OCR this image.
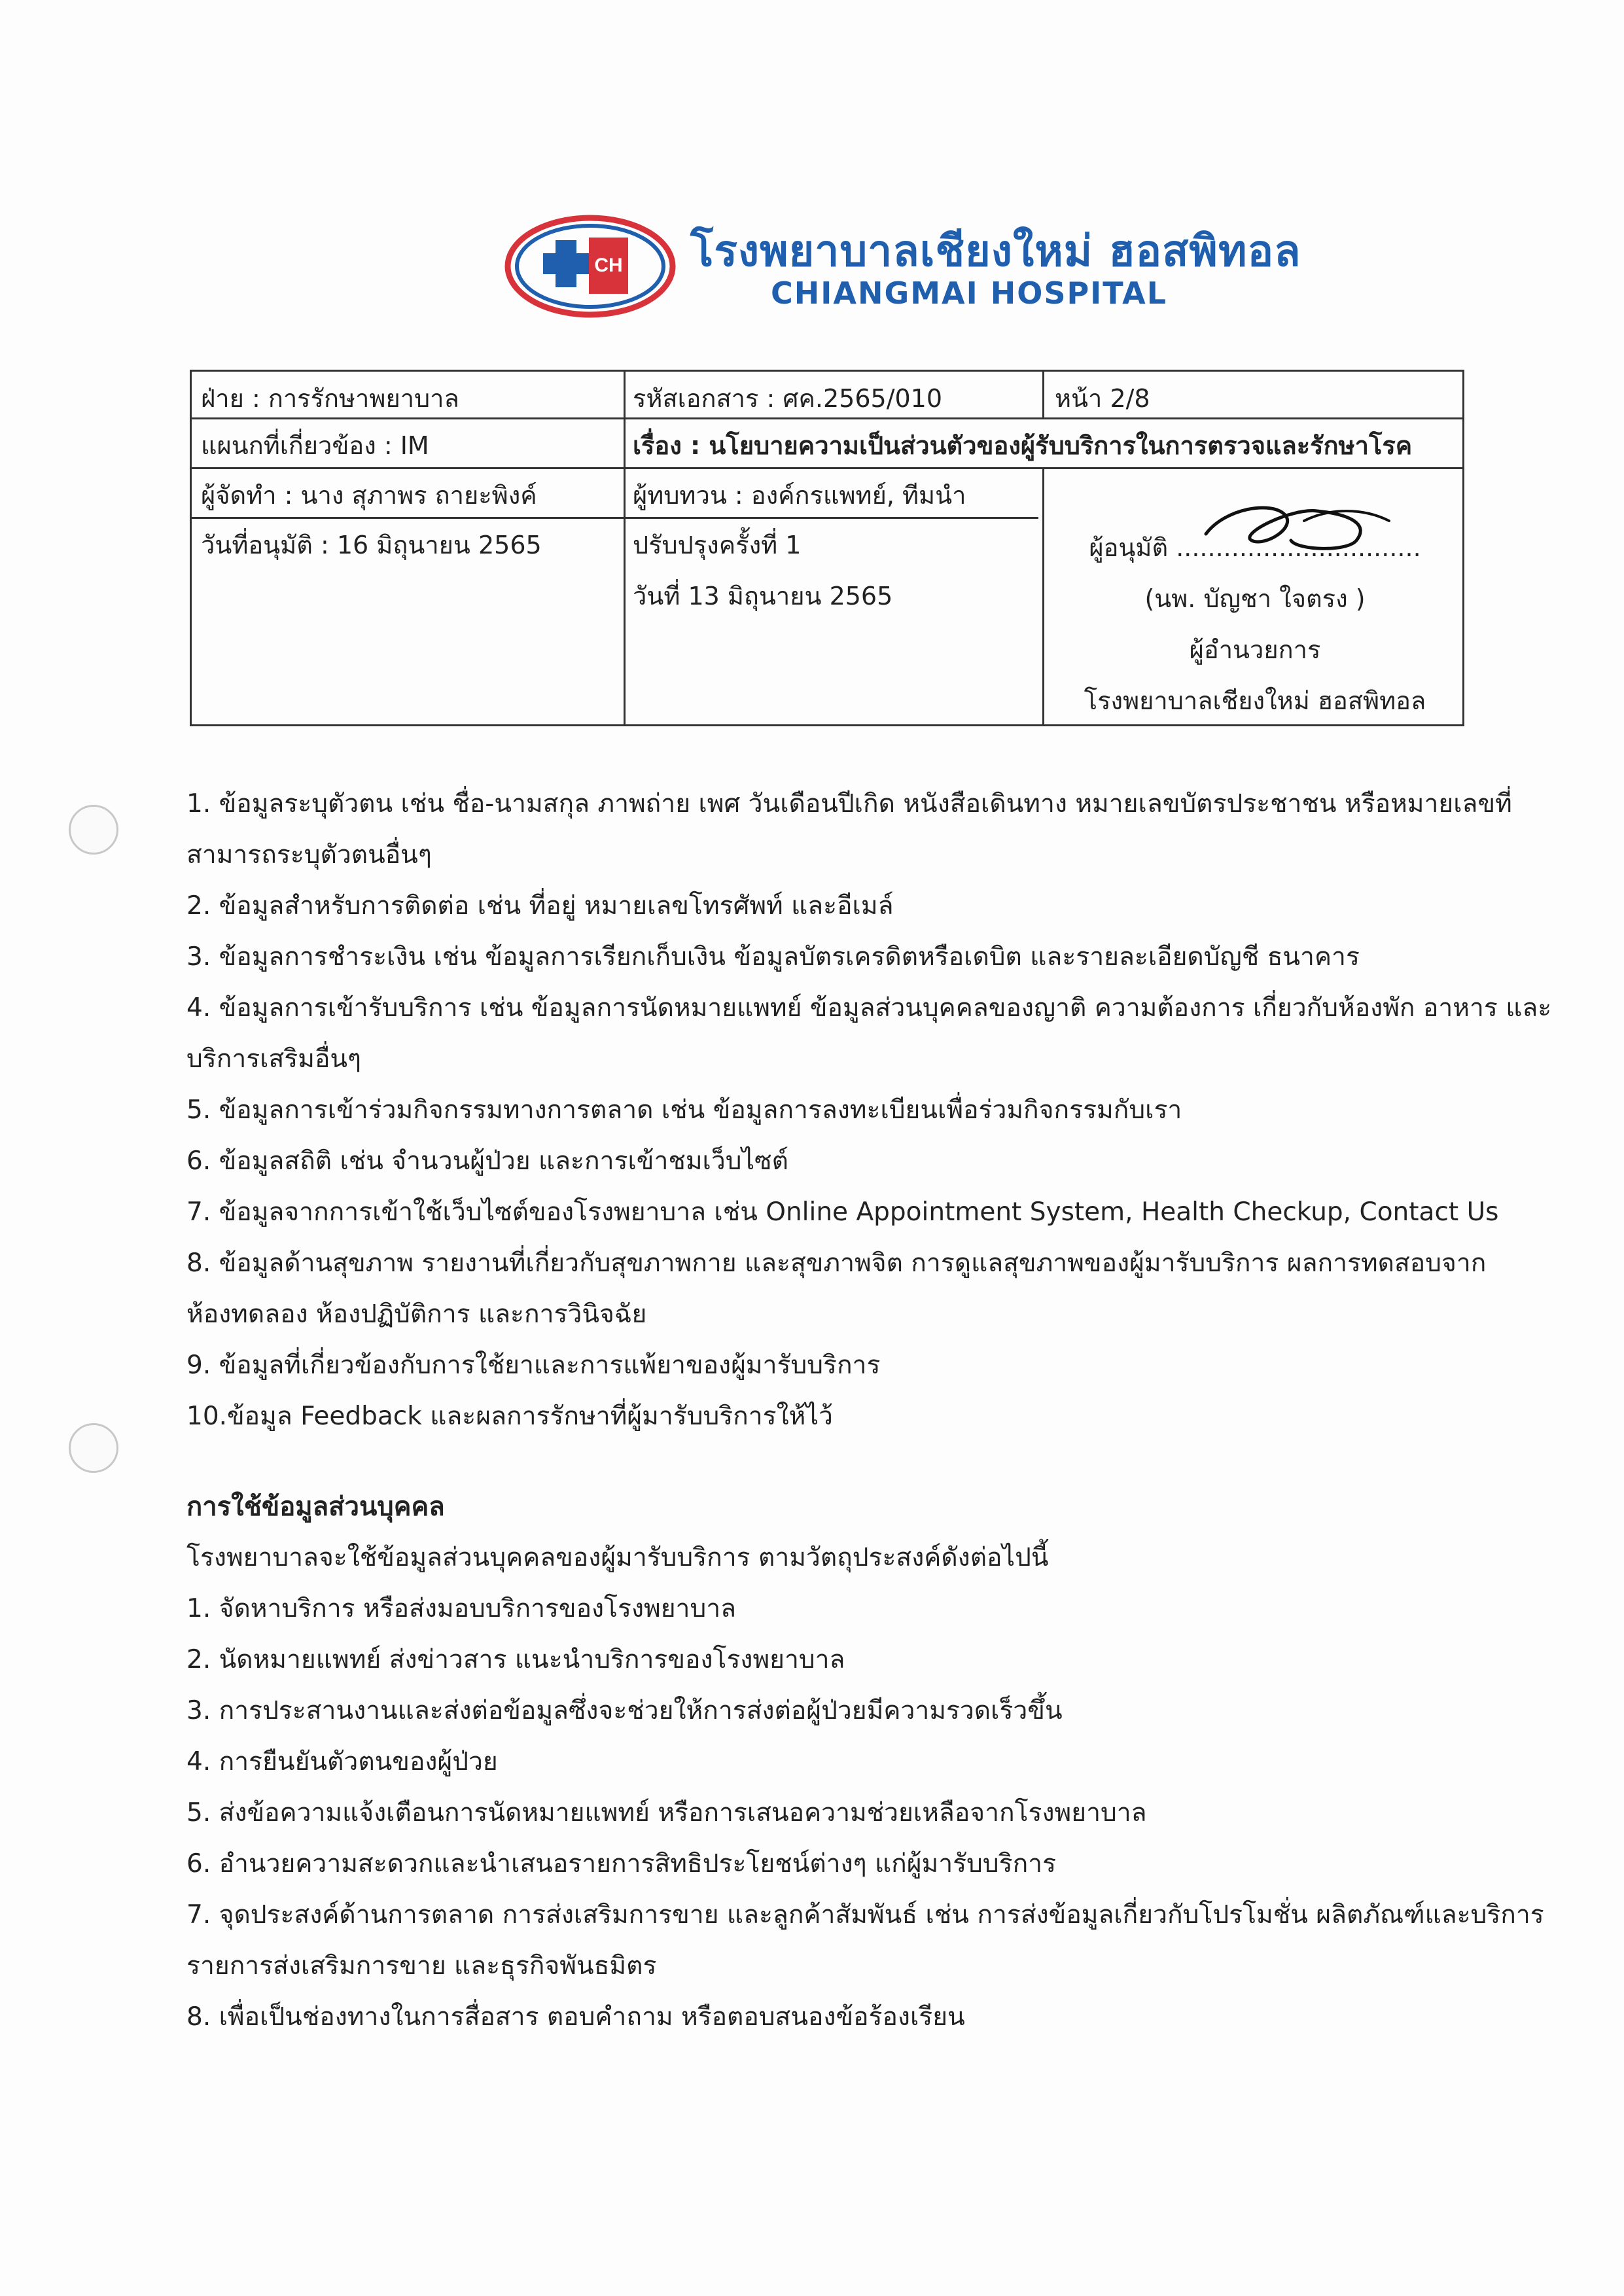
CH โรงพยาบาลเชียงใหม่ ฮอสพิทอล
CHIANGMAI HOSPITAL
ฝ่าย : การรักษาพยาบาล	รหัสเอกสาร : ศค.2565/010	หน้า 2/8
แผนกที่เกี่ยวข้อง : IM	เรื่อง : นโยบายความเป็นส่วนตัวของผู้รับบริการในการตรวจและรักษาโรค
ผู้จัดทำ : นาง สุภาพร ถายะพิงค์	ผู้ทบทวน : องค์กรแพทย์, ทีมนำ
วันที่อนุมัติ : 16 มิถุนายน 2565	ปรับปรุงครั้งที่ 1
วันที่ 13 มิถุนายน 2565
ผู้อนุมัติ ...............................
(นพ. บัญชา ใจตรง )
ผู้อำนวยการ
โรงพยาบาลเชียงใหม่ ฮอสพิทอล
1. ข้อมูลระบุตัวตน เช่น ชื่อ-นามสกุล ภาพถ่าย เพศ วันเดือนปีเกิด หนังสือเดินทาง หมายเลขบัตรประชาชน หรือหมายเลขที่
สามารถระบุตัวตนอื่นๆ
2. ข้อมูลสำหรับการติดต่อ เช่น ที่อยู่ หมายเลขโทรศัพท์ และอีเมล์
3. ข้อมูลการชำระเงิน เช่น ข้อมูลการเรียกเก็บเงิน ข้อมูลบัตรเครดิตหรือเดบิต และรายละเอียดบัญชี ธนาคาร
4. ข้อมูลการเข้ารับบริการ เช่น ข้อมูลการนัดหมายแพทย์ ข้อมูลส่วนบุคคลของญาติ ความต้องการ เกี่ยวกับห้องพัก อาหาร และ
บริการเสริมอื่นๆ
5. ข้อมูลการเข้าร่วมกิจกรรมทางการตลาด เช่น ข้อมูลการลงทะเบียนเพื่อร่วมกิจกรรมกับเรา
6. ข้อมูลสถิติ เช่น จำนวนผู้ป่วย และการเข้าชมเว็บไซต์
7. ข้อมูลจากการเข้าใช้เว็บไซต์ของโรงพยาบาล เช่น Online Appointment System, Health Checkup, Contact Us
8. ข้อมูลด้านสุขภาพ รายงานที่เกี่ยวกับสุขภาพกาย และสุขภาพจิต การดูแลสุขภาพของผู้มารับบริการ ผลการทดสอบจาก
ห้องทดลอง ห้องปฏิบัติการ และการวินิจฉัย
9. ข้อมูลที่เกี่ยวข้องกับการใช้ยาและการแพ้ยาของผู้มารับบริการ
10.ข้อมูล Feedback และผลการรักษาที่ผู้มารับบริการให้ไว้
การใช้ข้อมูลส่วนบุคคล
โรงพยาบาลจะใช้ข้อมูลส่วนบุคคลของผู้มารับบริการ ตามวัตถุประสงค์ดังต่อไปนี้
1. จัดหาบริการ หรือส่งมอบบริการของโรงพยาบาล
2. นัดหมายแพทย์ ส่งข่าวสาร แนะนำบริการของโรงพยาบาล
3. การประสานงานและส่งต่อข้อมูลซึ่งจะช่วยให้การส่งต่อผู้ป่วยมีความรวดเร็วขึ้น
4. การยืนยันตัวตนของผู้ป่วย
5. ส่งข้อความแจ้งเตือนการนัดหมายแพทย์ หรือการเสนอความช่วยเหลือจากโรงพยาบาล
6. อำนวยความสะดวกและนำเสนอรายการสิทธิประโยชน์ต่างๆ แก่ผู้มารับบริการ
7. จุดประสงค์ด้านการตลาด การส่งเสริมการขาย และลูกค้าสัมพันธ์ เช่น การส่งข้อมูลเกี่ยวกับโปรโมชั่น ผลิตภัณฑ์และบริการ
รายการส่งเสริมการขาย และธุรกิจพันธมิตร
8. เพื่อเป็นช่องทางในการสื่อสาร ตอบคำถาม หรือตอบสนองข้อร้องเรียน
